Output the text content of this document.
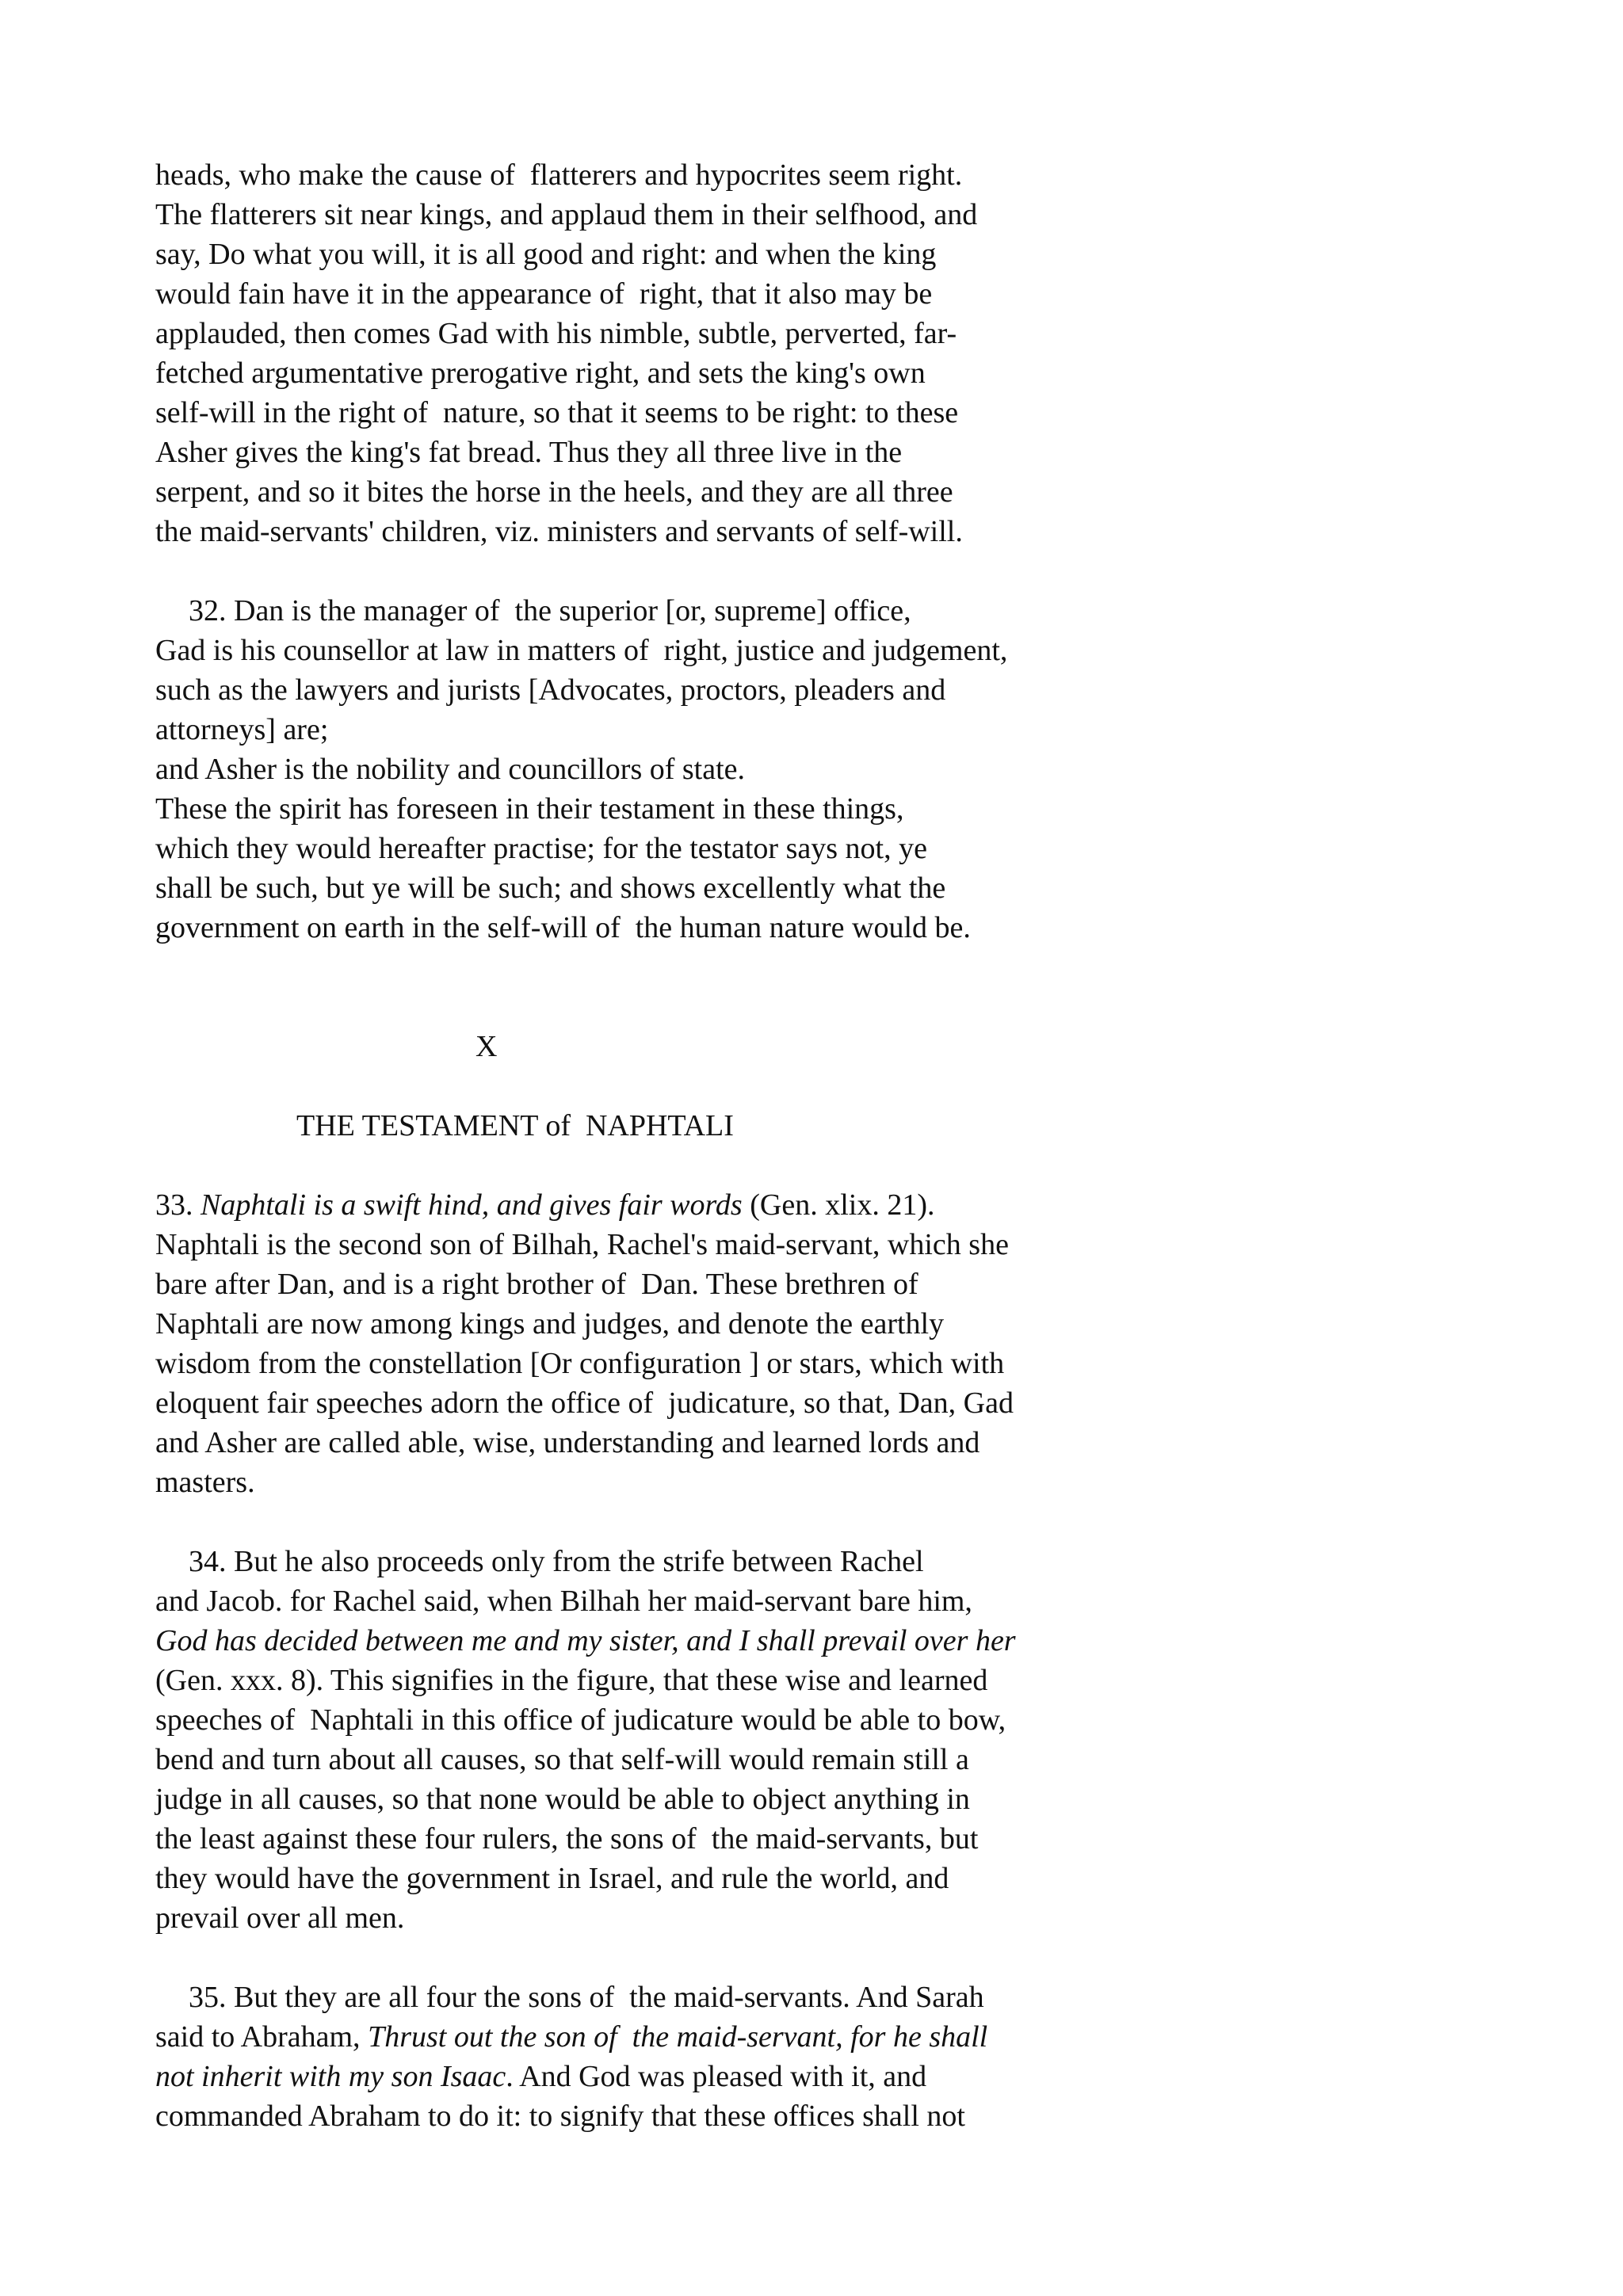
heads, who make the cause of  flatterers and hypocrites seem right.
The flatterers sit near kings, and applaud them in their selfhood, and
say, Do what you will, it is all good and right: and when the king
would fain have it in the appearance of  right, that it also may be
applauded, then comes Gad with his nimble, subtle, perverted, far-
fetched argumentative prerogative right, and sets the king's own
self-will in the right of  nature, so that it seems to be right: to these
Asher gives the king's fat bread. Thus they all three live in the
serpent, and so it bites the horse in the heels, and they are all three
the maid-servants' children, viz. ministers and servants of self-will.
32. Dan is the manager of  the superior [or, supreme] office,
Gad is his counsellor at law in matters of  right, justice and judgement,
such as the lawyers and jurists [Advocates, proctors, pleaders and
attorneys] are;
and Asher is the nobility and councillors of state.
These the spirit has foreseen in their testament in these things,
which they would hereafter practise; for the testator says not, ye
shall be such, but ye will be such; and shows excellently what the
government on earth in the self-will of  the human nature would be.
X
THE TESTAMENT of  NAPHTALI
33. Naphtali is a swift hind, and gives fair words (Gen. xlix. 21).
Naphtali is the second son of Bilhah, Rachel's maid-servant, which she
bare after Dan, and is a right brother of  Dan. These brethren of
Naphtali are now among kings and judges, and denote the earthly
wisdom from the constellation [Or configuration ] or stars, which with
eloquent fair speeches adorn the office of  judicature, so that, Dan, Gad
and Asher are called able, wise, understanding and learned lords and
masters.
34. But he also proceeds only from the strife between Rachel
and Jacob. for Rachel said, when Bilhah her maid-servant bare him,
God has decided between me and my sister, and I shall prevail over her
(Gen. xxx. 8). This signifies in the figure, that these wise and learned
speeches of  Naphtali in this office of judicature would be able to bow,
bend and turn about all causes, so that self-will would remain still a
judge in all causes, so that none would be able to object anything in
the least against these four rulers, the sons of  the maid-servants, but
they would have the government in Israel, and rule the world, and
prevail over all men.
35. But they are all four the sons of  the maid-servants. And Sarah
said to Abraham, Thrust out the son of  the maid-servant, for he shall
not inherit with my son Isaac. And God was pleased with it, and
commanded Abraham to do it: to signify that these offices shall not
